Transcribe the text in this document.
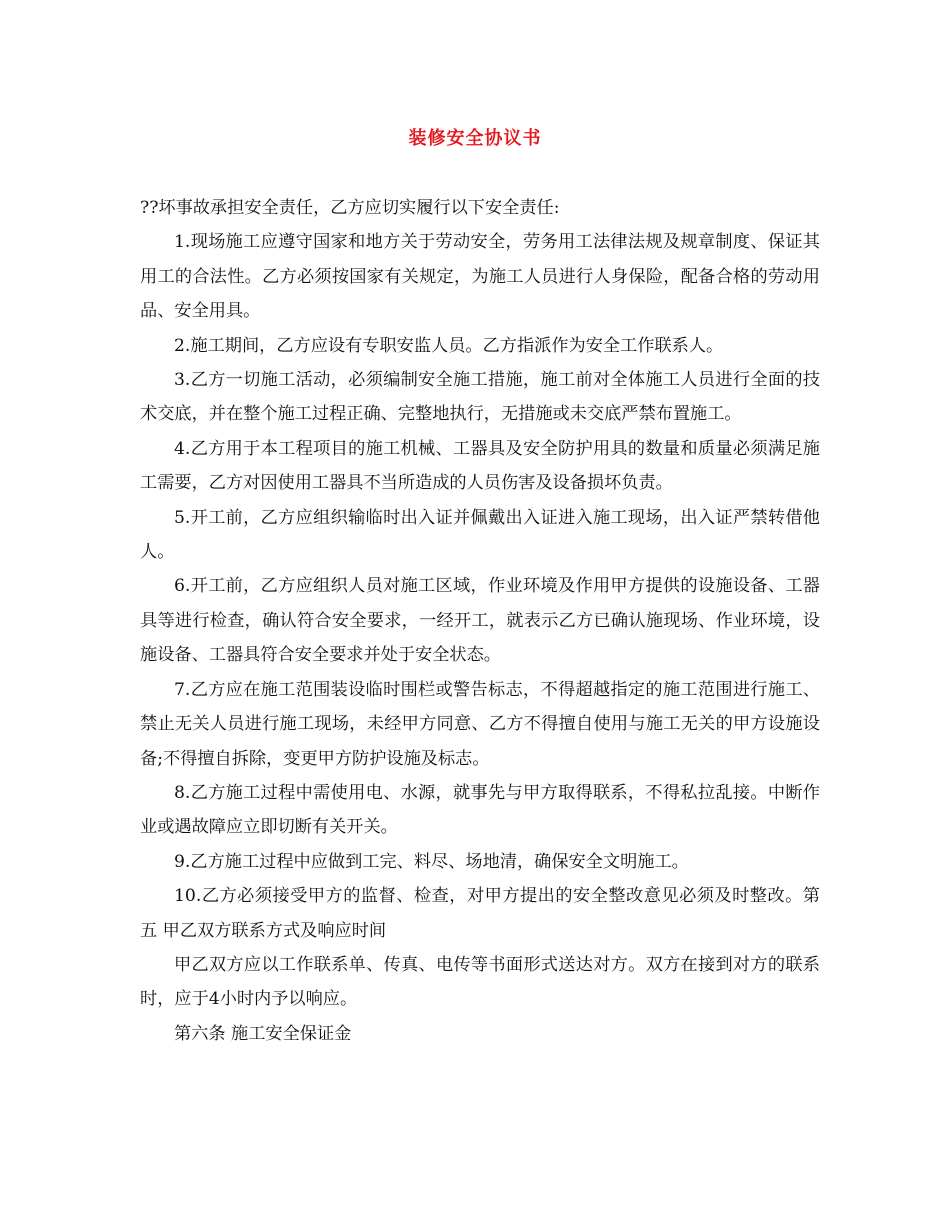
装修安全协议书

??坏事故承担安全责任，乙方应切实履行以下安全责任:

1.现场施工应遵守国家和地方关于劳动安全，劳务用工法律法规及规章制度、保证其用工的合法性。乙方必须按国家有关规定，为施工人员进行人身保险，配备合格的劳动用品、安全用具。

2.施工期间，乙方应设有专职安监人员。乙方指派作为安全工作联系人。

3.乙方一切施工活动，必须编制安全施工措施，施工前对全体施工人员进行全面的技术交底，并在整个施工过程正确、完整地执行，无措施或未交底严禁布置施工。

4.乙方用于本工程项目的施工机械、工器具及安全防护用具的数量和质量必须满足施工需要，乙方对因使用工器具不当所造成的人员伤害及设备损坏负责。

5.开工前，乙方应组织输临时出入证并佩戴出入证进入施工现场，出入证严禁转借他人。

6.开工前，乙方应组织人员对施工区域，作业环境及作用甲方提供的设施设备、工器具等进行检查，确认符合安全要求，一经开工，就表示乙方已确认施现场、作业环境，设施设备、工器具符合安全要求并处于安全状态。

7.乙方应在施工范围装设临时围栏或警告标志，不得超越指定的施工范围进行施工、禁止无关人员进行施工现场，未经甲方同意、乙方不得擅自使用与施工无关的甲方设施设备;不得擅自拆除，变更甲方防护设施及标志。

8.乙方施工过程中需使用电、水源，就事先与甲方取得联系，不得私拉乱接。中断作业或遇故障应立即切断有关开关。

9.乙方施工过程中应做到工完、料尽、场地清，确保安全文明施工。

10.乙方必须接受甲方的监督、检查，对甲方提出的安全整改意见必须及时整改。第五 甲乙双方联系方式及响应时间

甲乙双方应以工作联系单、传真、电传等书面形式送达对方。双方在接到对方的联系时，应于4小时内予以响应。

第六条 施工安全保证金
